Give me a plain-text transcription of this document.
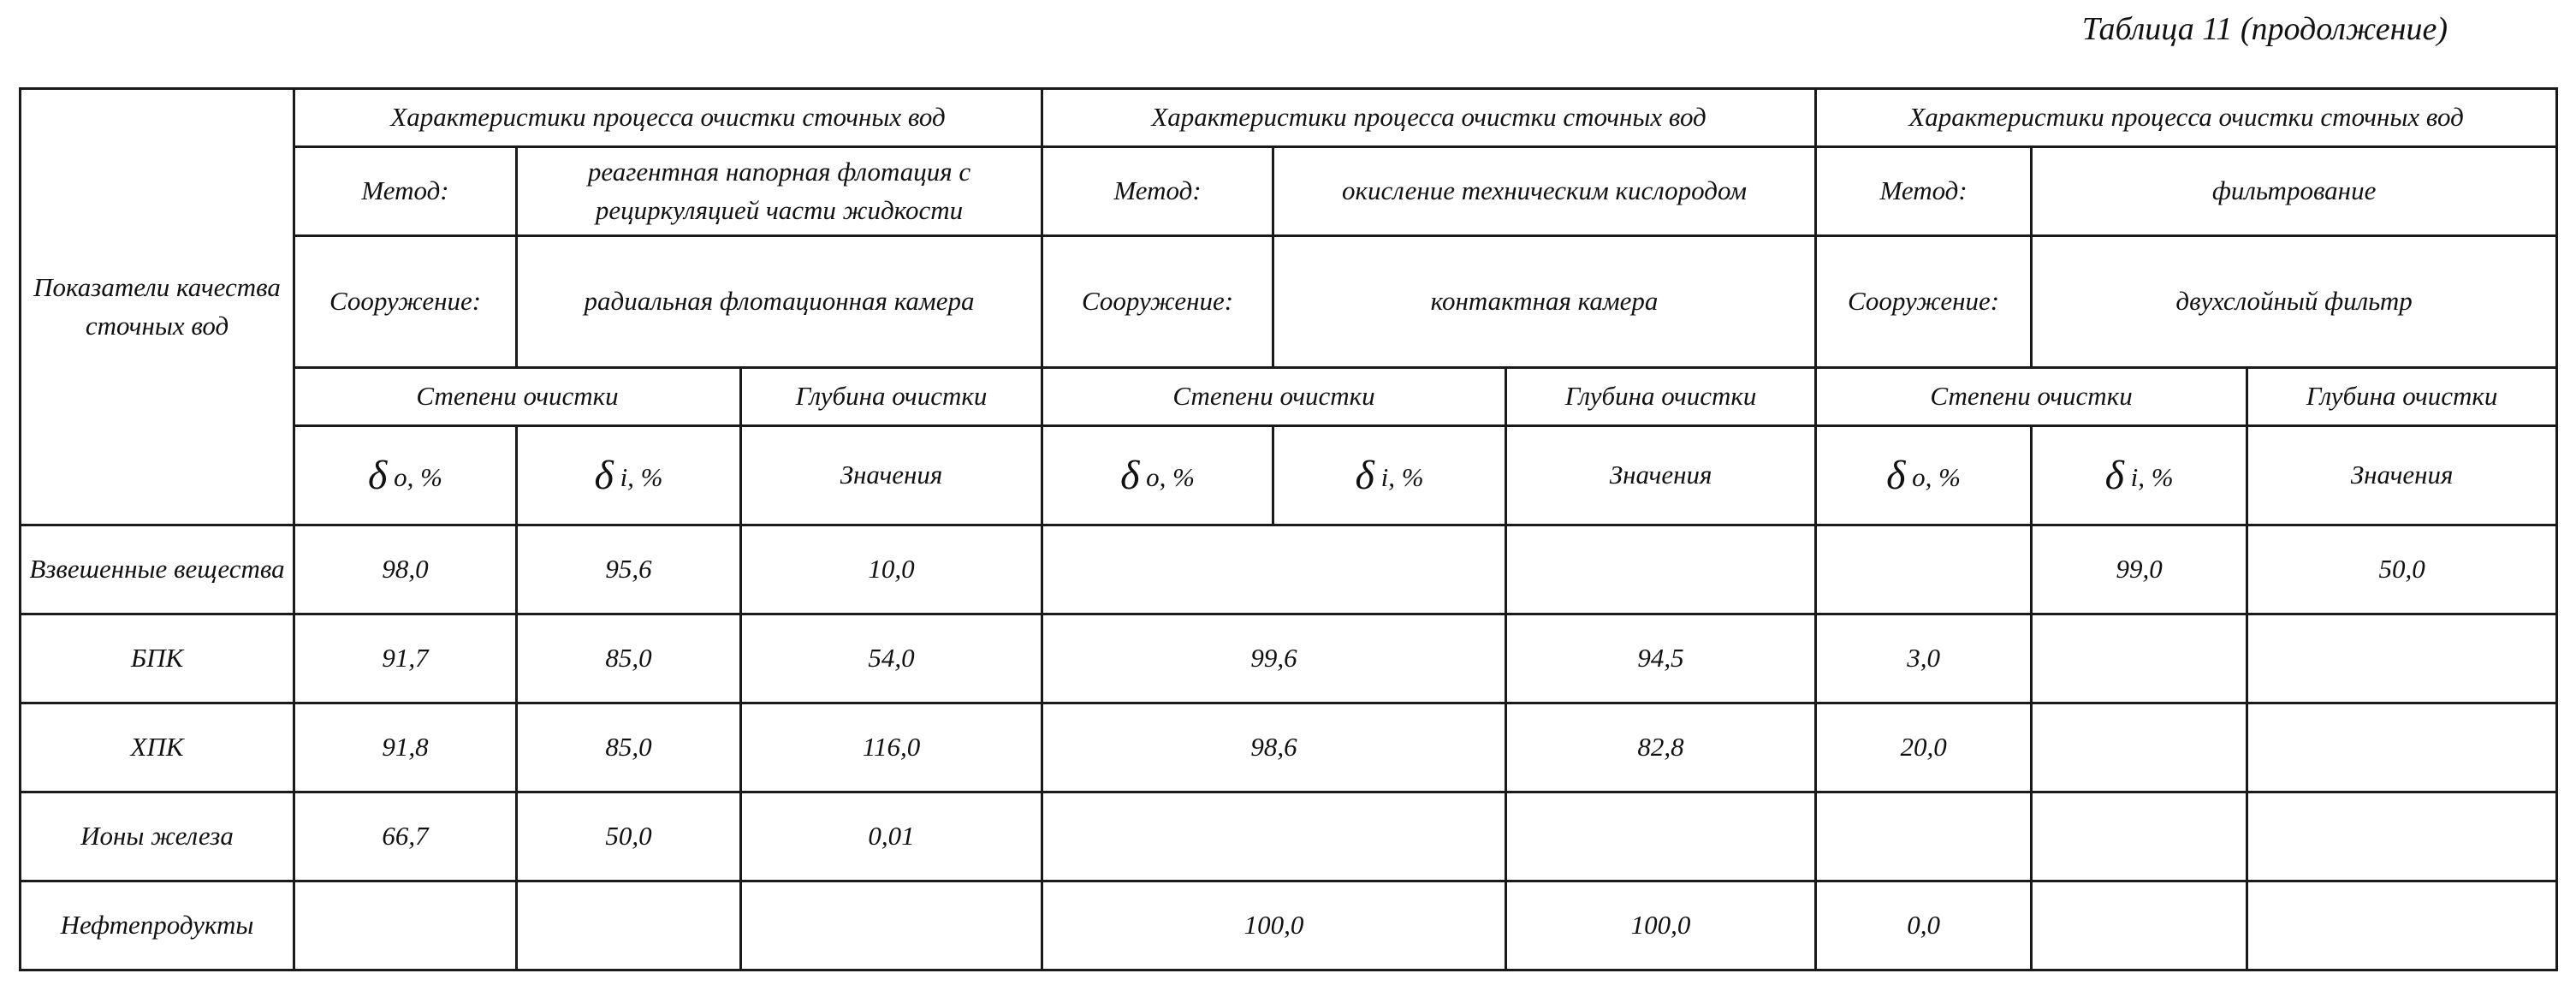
Таблица 11 (продолжение)
Показатели качества сточных вод	Характеристики процесса очистки сточных вод			Характеристики процесса очистки сточных вод			Характеристики процесса очистки сточных вод			
	Метод:	реагентная напорная флотация с рециркуляцией части жидкости		Метод:	окисление техническим кислородом		Метод:	фильтрование		
	Сооружение:	радиальная флотационная камера		Сооружение:	контактная камера		Сооружение:	двухслойный фильтр		
	Степени очистки		Глубина очистки	Степени очистки		Глубина очистки	Степени очистки		Глубина очистки	
	δ o, %	δ i, %	Значения	δ o, %	δ i, %	Значения	δ o, %	δ i, %	Значения	
Взвешенные вещества	98,0	95,6	10,0					99,0	50,0	
БПК	91,7	85,0	54,0	99,6		94,5	3,0			
ХПК	91,8	85,0	116,0	98,6		82,8	20,0			
Ионы железа	66,7	50,0	0,01							
Нефтепродукты				100,0		100,0	0,0			
